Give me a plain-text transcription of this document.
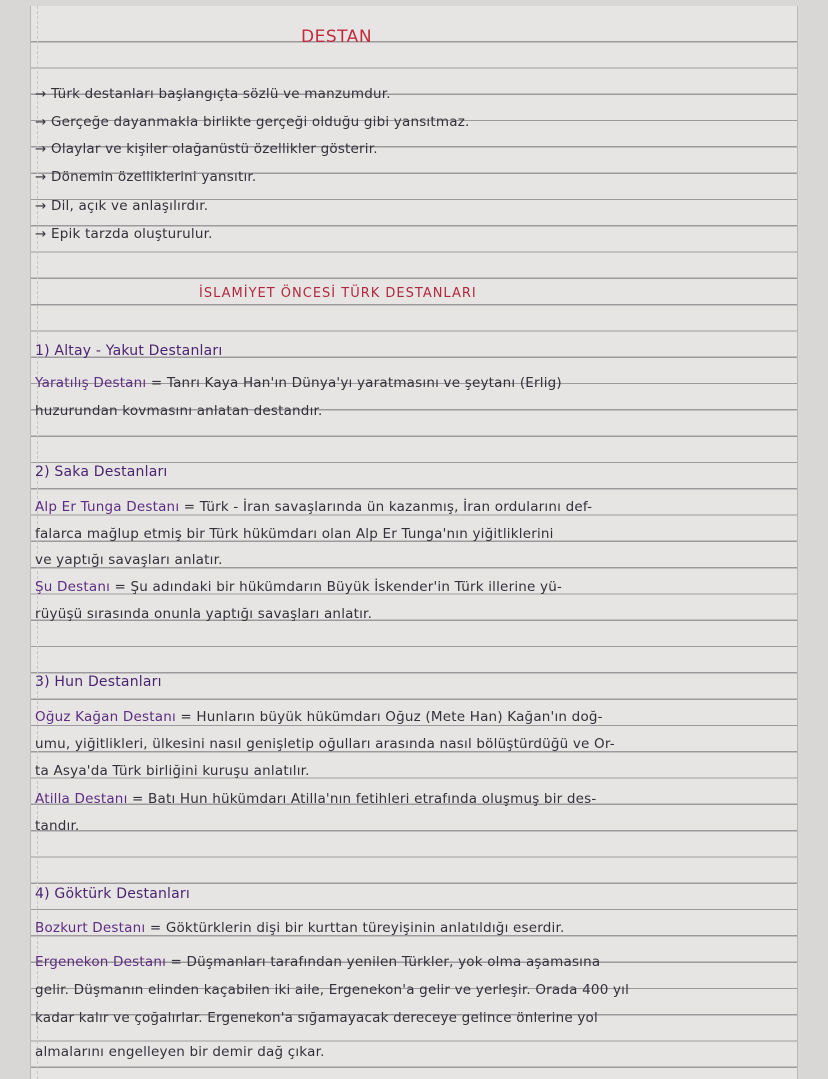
DESTAN
→ Türk destanları başlangıçta sözlü ve manzumdur.
→ Gerçeğe dayanmakla birlikte gerçeği olduğu gibi yansıtmaz.
→ Olaylar ve kişiler olağanüstü özellikler gösterir.
→ Dönemin özelliklerini yansıtır.
→ Dil, açık ve anlaşılırdır.
→ Epik tarzda oluşturulur.
İSLAMİYET ÖNCESİ TÜRK DESTANLARI
1) Altay - Yakut Destanları
Yaratılış Destanı = Tanrı Kaya Han'ın Dünya'yı yaratmasını ve şeytanı (Erlig)
huzurundan kovmasını anlatan destandır.
2) Saka Destanları
Alp Er Tunga Destanı = Türk - İran savaşlarında ün kazanmış, İran ordularını def-
falarca mağlup etmiş bir Türk hükümdarı olan Alp Er Tunga'nın yiğitliklerini
ve yaptığı savaşları anlatır.
Şu Destanı = Şu adındaki bir hükümdarın Büyük İskender'in Türk illerine yü-
rüyüşü sırasında onunla yaptığı savaşları anlatır.
3) Hun Destanları
Oğuz Kağan Destanı = Hunların büyük hükümdarı Oğuz (Mete Han) Kağan'ın doğ-
umu, yiğitlikleri, ülkesini nasıl genişletip oğulları arasında nasıl bölüştürdüğü ve Or-
ta Asya'da Türk birliğini kuruşu anlatılır.
Atilla Destanı = Batı Hun hükümdarı Atilla'nın fetihleri etrafında oluşmuş bir des-
tandır.
4) Göktürk Destanları
Bozkurt Destanı = Göktürklerin dişi bir kurttan türeyişinin anlatıldığı eserdir.
Ergenekon Destanı = Düşmanları tarafından yenilen Türkler, yok olma aşamasına
gelir. Düşmanın elinden kaçabilen iki aile, Ergenekon'a gelir ve yerleşir. Orada 400 yıl
kadar kalır ve çoğalırlar. Ergenekon'a sığamayacak dereceye gelince önlerine yol
almalarını engelleyen bir demir dağ çıkar.
